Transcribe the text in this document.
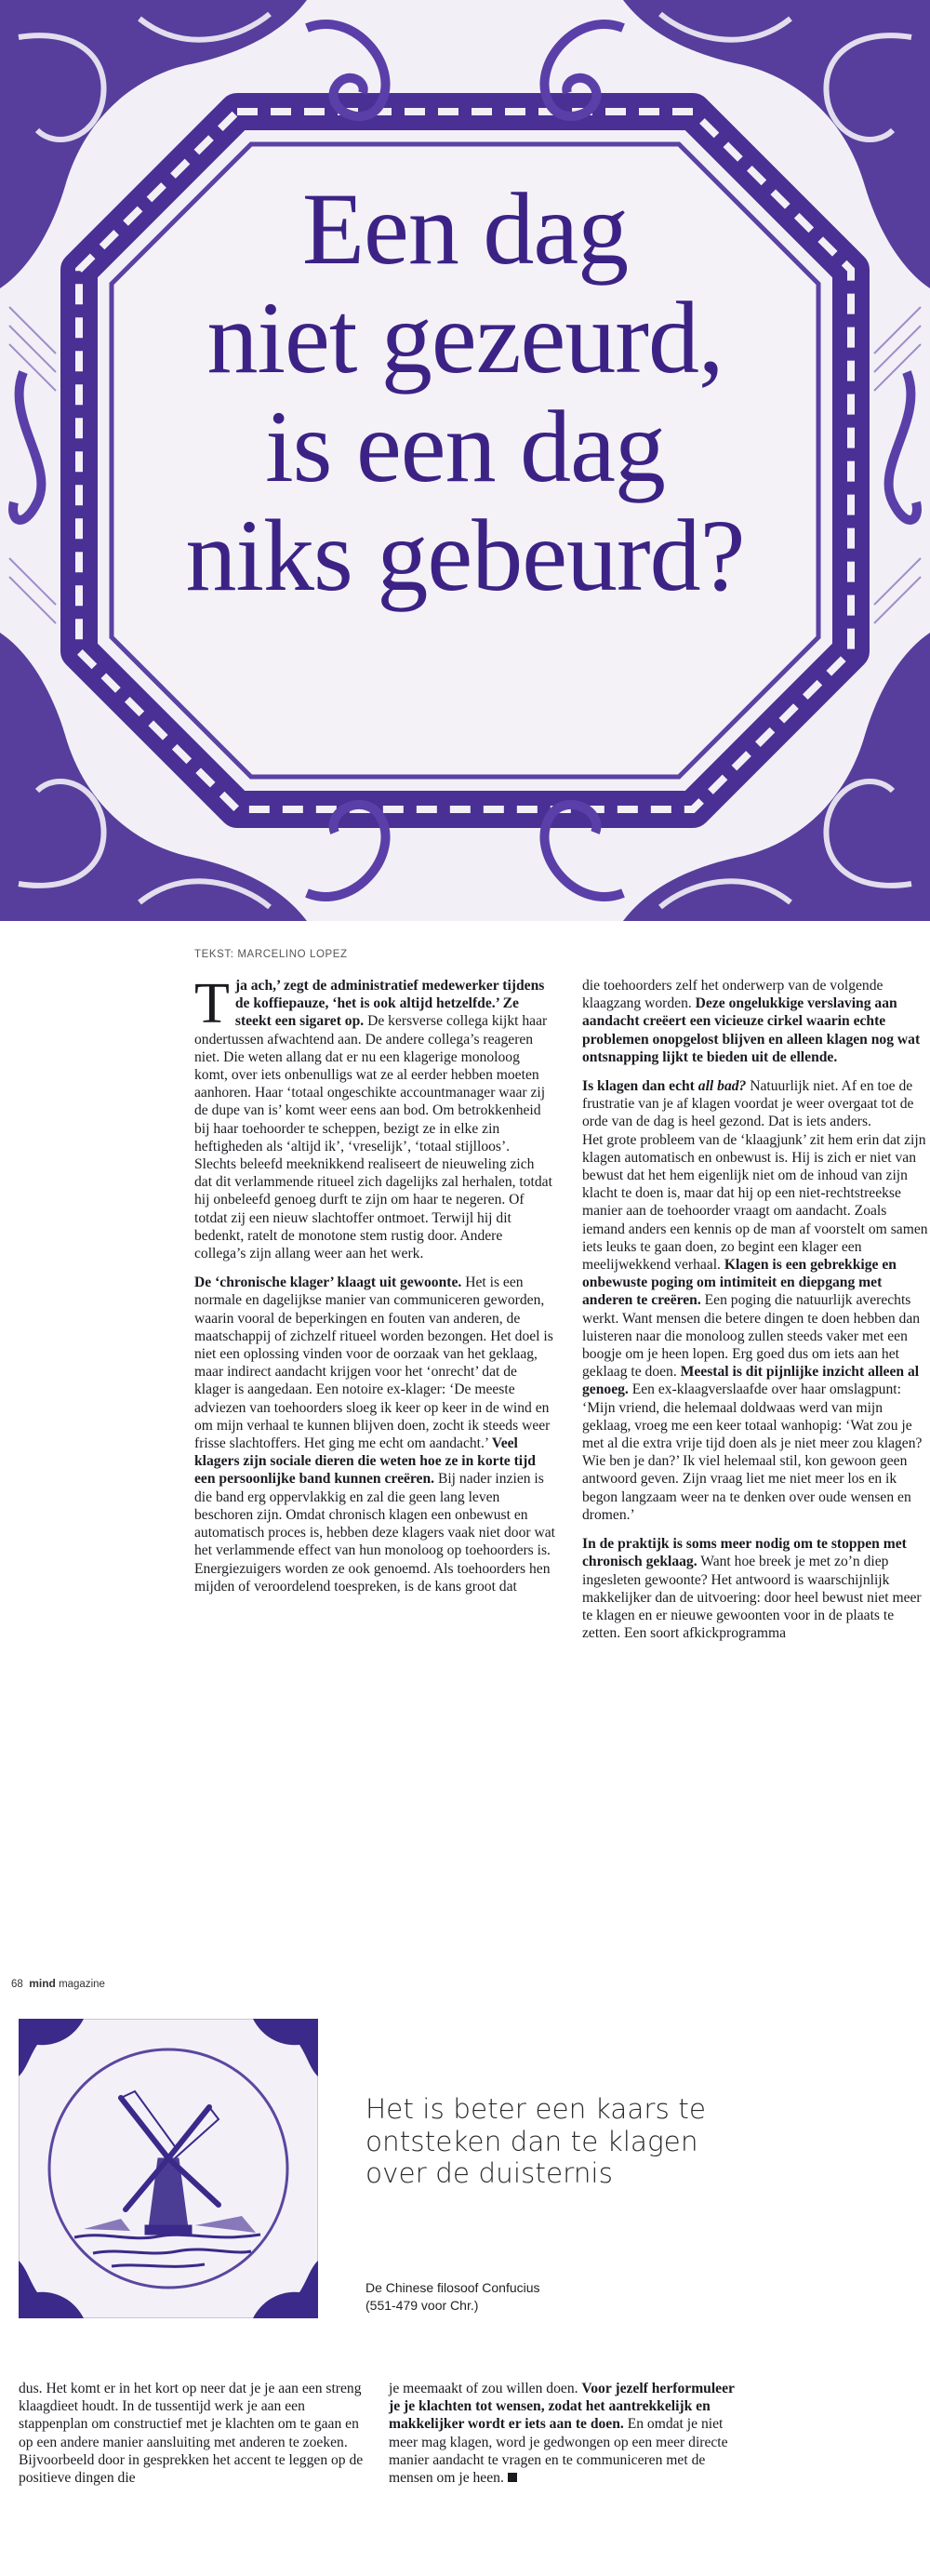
Een dag
niet gezeurd,
is een dag
niks gebeurd?

TEKST: MARCELINO LOPEZ

Tja ach,’ zegt de administratief medewerker tijdens de koffiepauze, ‘het is ook altijd hetzelfde.’ Ze steekt een sigaret op. De kersverse collega kijkt haar ondertussen afwachtend aan. De andere collega’s reageren niet. Die weten allang dat er nu een klagerige monoloog komt, over iets onbenulligs wat ze al eerder hebben moeten aanhoren. Haar ‘totaal ongeschikte accountmanager waar zij de dupe van is’ komt weer eens aan bod. Om betrokkenheid bij haar toehoorder te scheppen, bezigt ze in elke zin heftigheden als ‘altijd ik’, ‘vreselijk’, ‘totaal stijlloos’. Slechts beleefd meeknikkend realiseert de nieuweling zich dat dit verlammende ritueel zich dagelijks zal herhalen, totdat hij onbeleefd genoeg durft te zijn om haar te negeren. Of totdat zij een nieuw slachtoffer ontmoet. Terwijl hij dit bedenkt, ratelt de monotone stem rustig door. Andere collega’s zijn allang weer aan het werk.

De ‘chronische klager’ klaagt uit gewoonte. Het is een normale en dagelijkse manier van communiceren geworden, waarin vooral de beperkingen en fouten van anderen, de maatschappij of zichzelf ritueel worden bezongen. Het doel is niet een oplossing vinden voor de oorzaak van het geklaag, maar indirect aandacht krijgen voor het ‘onrecht’ dat de klager is aangedaan. Een notoire ex-klager: ‘De meeste adviezen van toehoorders sloeg ik keer op keer in de wind en om mijn verhaal te kunnen blijven doen, zocht ik steeds weer frisse slachtoffers. Het ging me echt om aandacht.’ Veel klagers zijn sociale dieren die weten hoe ze in korte tijd een persoonlijke band kunnen creëren. Bij nader inzien is die band erg oppervlakkig en zal die geen lang leven beschoren zijn. Omdat chronisch klagen een onbewust en automatisch proces is, hebben deze klagers vaak niet door wat het verlammende effect van hun monoloog op toehoorders is. Energiezuigers worden ze ook genoemd. Als toehoorders hen mijden of veroordelend toespreken, is de kans groot dat

die toehoorders zelf het onderwerp van de volgende klaagzang worden. Deze ongelukkige verslaving aan aandacht creëert een vicieuze cirkel waarin echte problemen onopgelost blijven en alleen klagen nog wat ontsnapping lijkt te bieden uit de ellende.

Is klagen dan echt all bad? Natuurlijk niet. Af en toe de frustratie van je af klagen voordat je weer overgaat tot de orde van de dag is heel gezond. Dat is iets anders.
Het grote probleem van de ‘klaagjunk’ zit hem erin dat zijn klagen automatisch en onbewust is. Hij is zich er niet van bewust dat het hem eigenlijk niet om de inhoud van zijn klacht te doen is, maar dat hij op een niet-rechtstreekse manier aan de toehoorder vraagt om aandacht. Zoals iemand anders een kennis op de man af voorstelt om samen iets leuks te gaan doen, zo begint een klager een meelijwekkend verhaal. Klagen is een gebrekkige en onbewuste poging om intimiteit en diepgang met anderen te creëren. Een poging die natuurlijk averechts werkt. Want mensen die betere dingen te doen hebben dan luisteren naar die monoloog zullen steeds vaker met een boogje om je heen lopen. Erg goed dus om iets aan het geklaag te doen. Meestal is dit pijnlijke inzicht alleen al genoeg. Een ex-klaagverslaafde over haar omslagpunt: ‘Mijn vriend, die helemaal doldwaas werd van mijn geklaag, vroeg me een keer totaal wanhopig: ‘Wat zou je met al die extra vrije tijd doen als je niet meer zou klagen? Wie ben je dan?’ Ik viel helemaal stil, kon gewoon geen antwoord geven. Zijn vraag liet me niet meer los en ik begon langzaam weer na te denken over oude wensen en dromen.’

In de praktijk is soms meer nodig om te stoppen met chronisch geklaag. Want hoe breek je met zo’n diep ingesleten gewoonte? Het antwoord is waarschijnlijk makkelijker dan de uitvoering: door heel bewust niet meer te klagen en er nieuwe gewoonten voor in de plaats te zetten. Een soort afkickprogramma

68 mind magazine

Het is beter een kaars te ontsteken dan te klagen over de duisternis

De Chinese filosoof Confucius
(551-479 voor Chr.)

dus. Het komt er in het kort op neer dat je je aan een streng klaagdieet houdt. In de tussentijd werk je aan een stappenplan om constructief met je klachten om te gaan en op een andere manier aansluiting met anderen te zoeken. Bijvoorbeeld door in gesprekken het accent te leggen op de positieve dingen die

je meemaakt of zou willen doen. Voor jezelf herformuleer je je klachten tot wensen, zodat het aantrekkelijk en makkelijker wordt er iets aan te doen. En omdat je niet meer mag klagen, word je gedwongen op een meer directe manier aandacht te vragen en te communiceren met de mensen om je heen.
